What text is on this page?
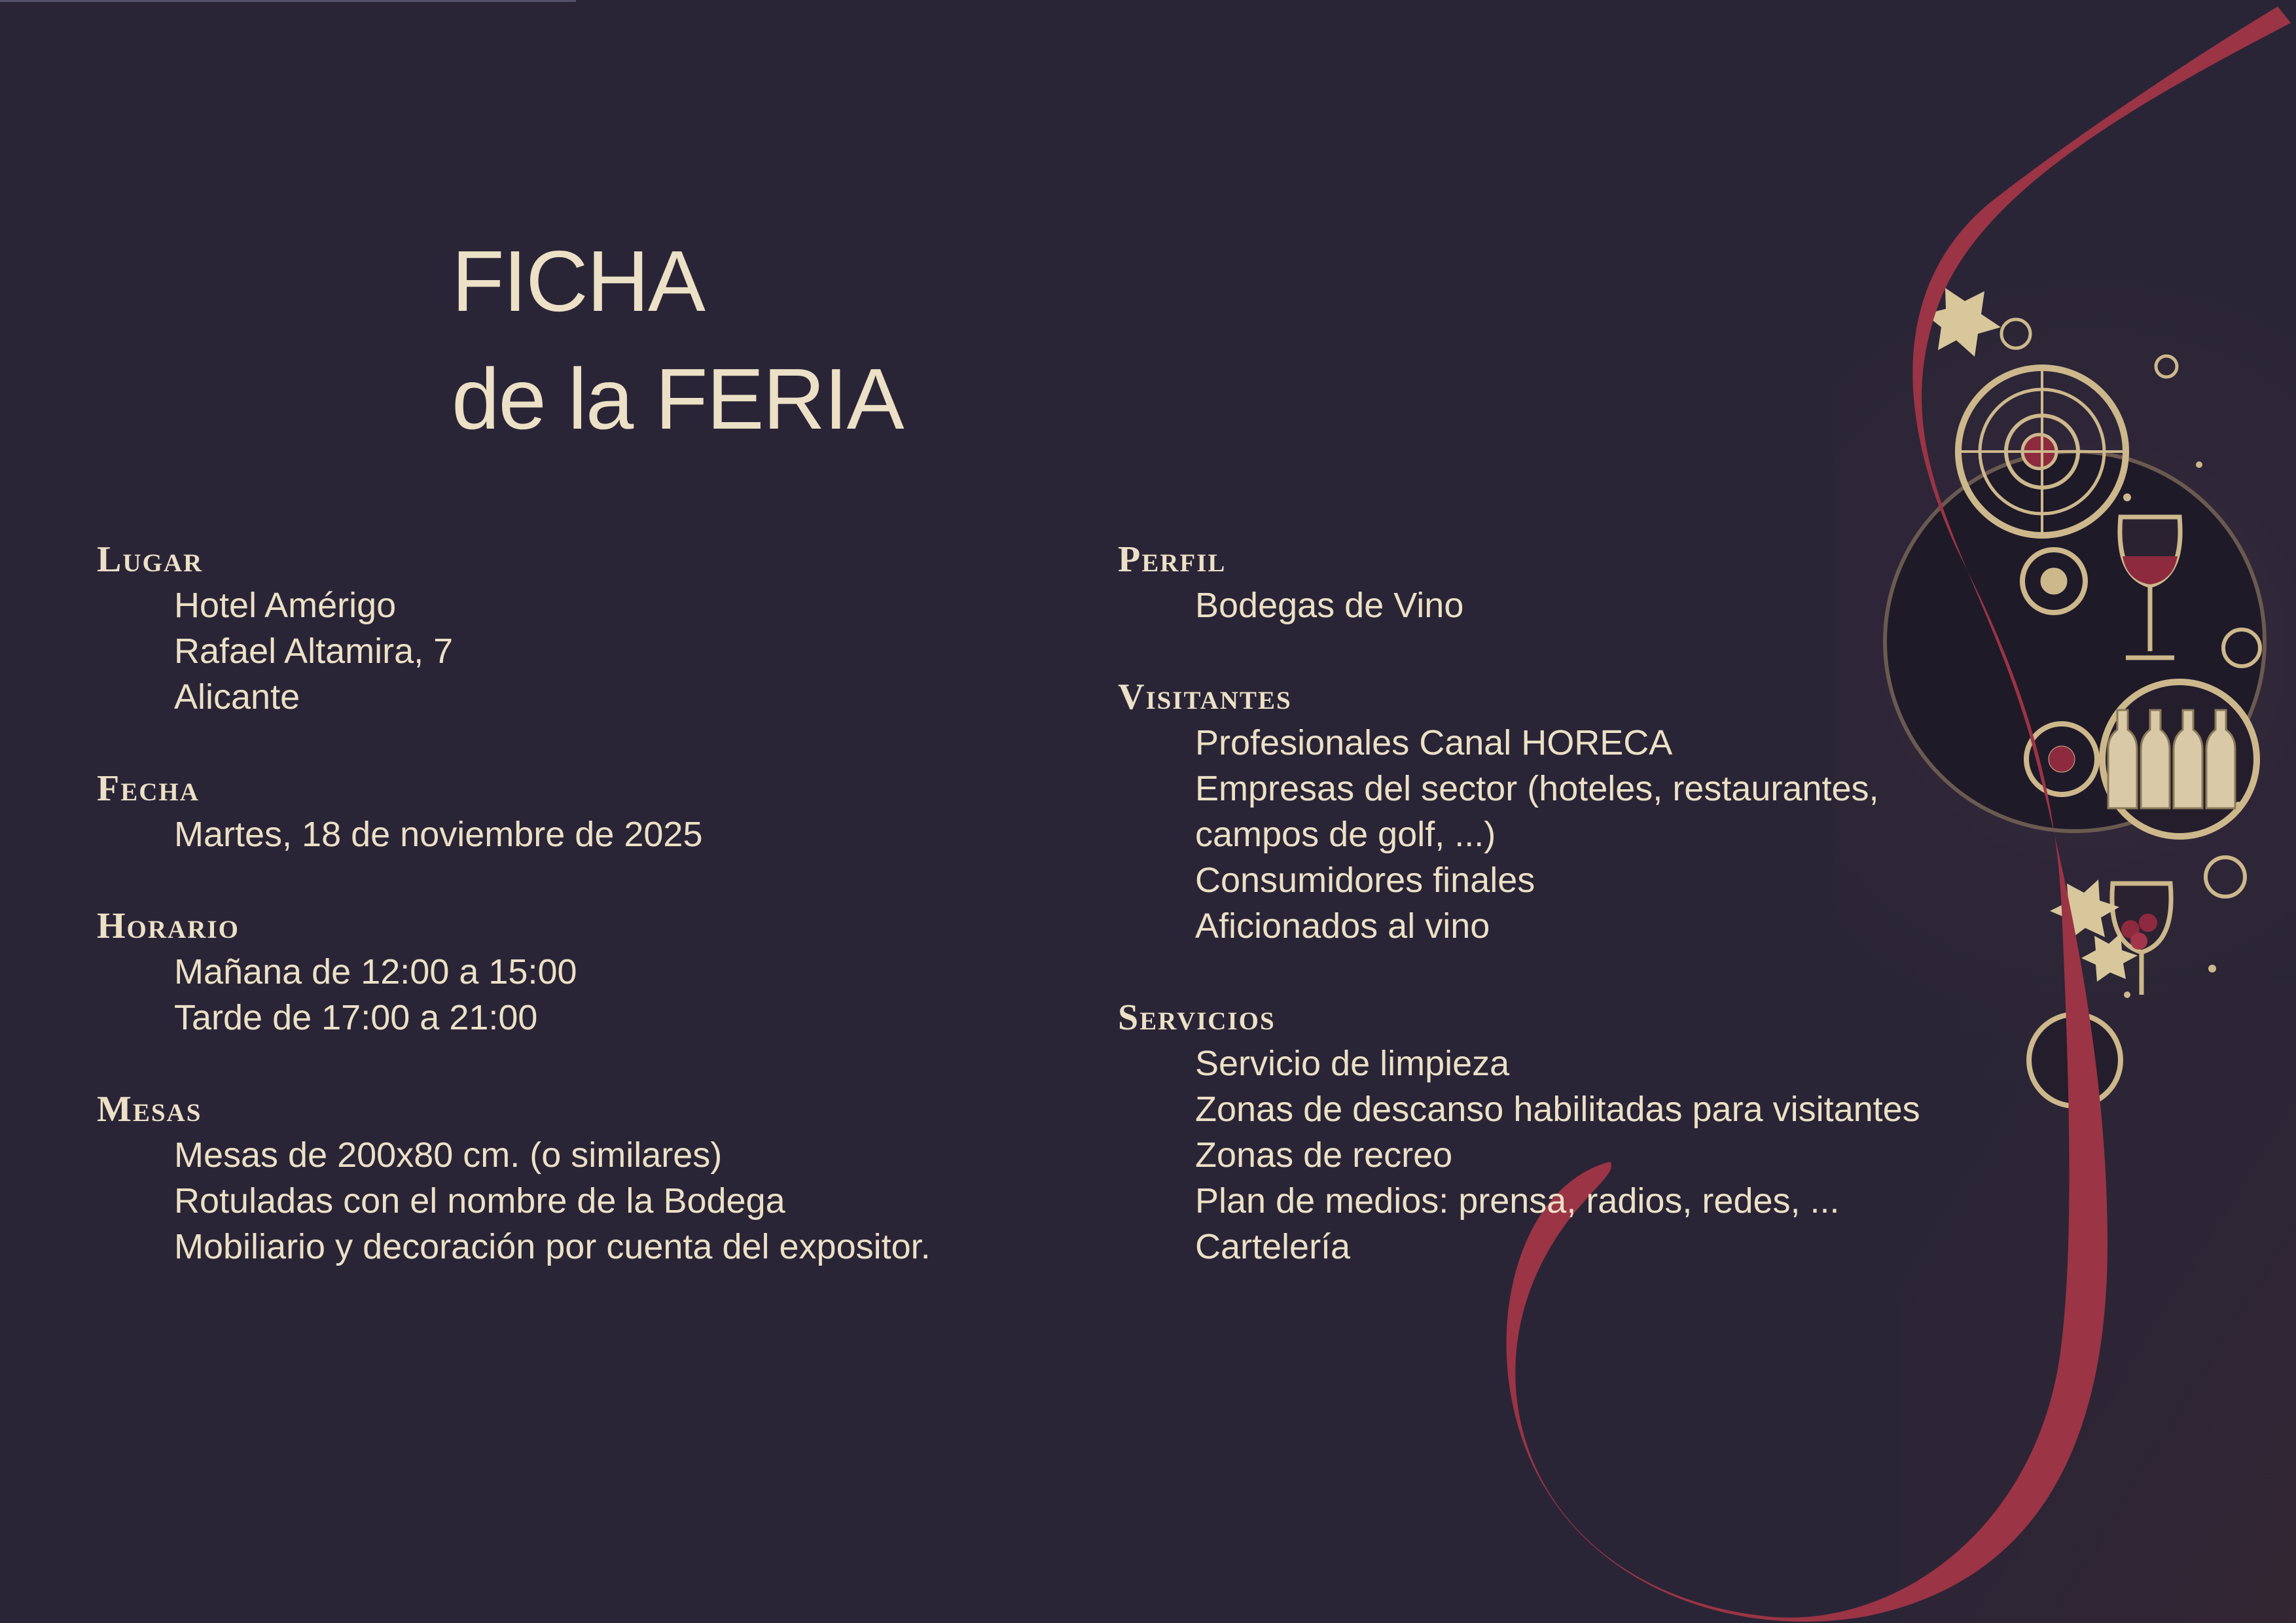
FICHA
de la FERIA
Lugar
Hotel Amérigo
Rafael Altamira, 7
Alicante
Fecha
Martes, 18 de noviembre de 2025
Horario
Mañana de 12:00 a 15:00
Tarde de 17:00 a 21:00
Mesas
Mesas de 200x80 cm. (o similares)
Rotuladas con el nombre de la Bodega
Mobiliario y decoración por cuenta del expositor.
Perfil
Bodegas de Vino
Visitantes
Profesionales Canal HORECA
Empresas del sector (hoteles, restaurantes,
campos de golf, ...)
Consumidores finales
Aficionados al vino
Servicios
Servicio de limpieza
Zonas de descanso habilitadas para visitantes
Zonas de recreo
Plan de medios: prensa, radios, redes, ...
Cartelería
